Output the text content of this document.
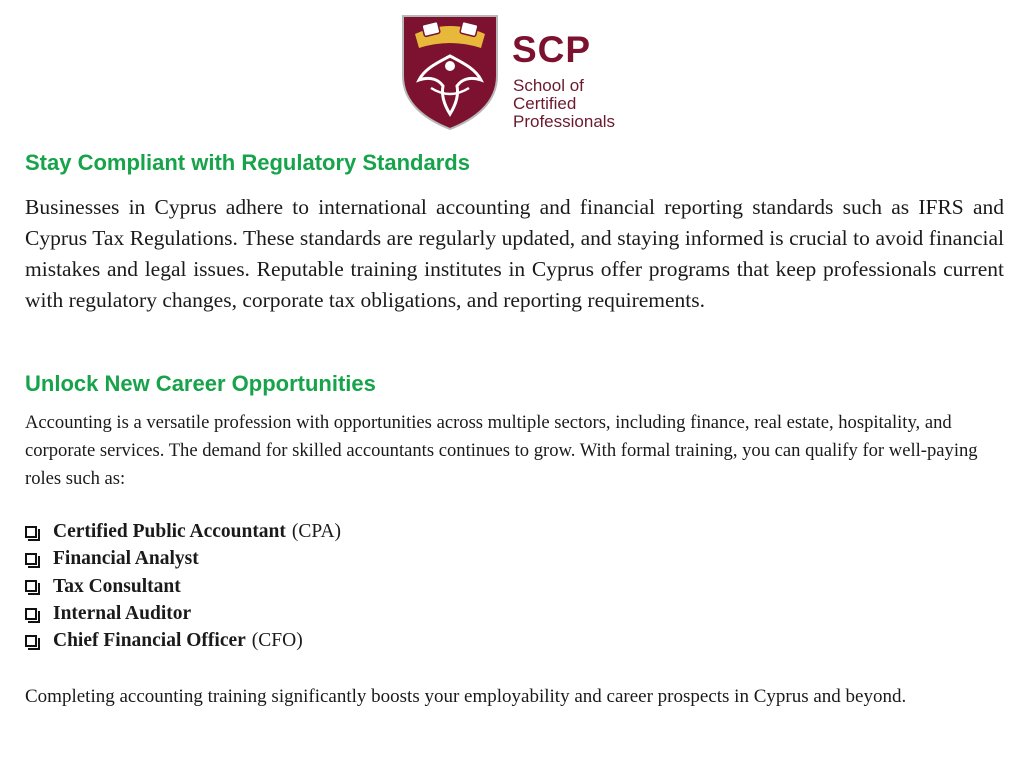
SCP
School of
Certified
Professionals
Stay Compliant with Regulatory Standards

Businesses in Cyprus adhere to international accounting and financial reporting standards such as IFRS and Cyprus Tax Regulations. These standards are regularly updated, and staying informed is crucial to avoid financial mistakes and legal issues. Reputable training institutes in Cyprus offer programs that keep professionals current with regulatory changes, corporate tax obligations, and reporting requirements.

Unlock New Career Opportunities

Accounting is a versatile profession with opportunities across multiple sectors, including finance, real estate, hospitality, and corporate services. The demand for skilled accountants continues to grow. With formal training, you can qualify for well-paying roles such as:

Certified Public Accountant (CPA)
Financial Analyst
Tax Consultant
Internal Auditor
Chief Financial Officer (CFO)

Completing accounting training significantly boosts your employability and career prospects in Cyprus and beyond.
